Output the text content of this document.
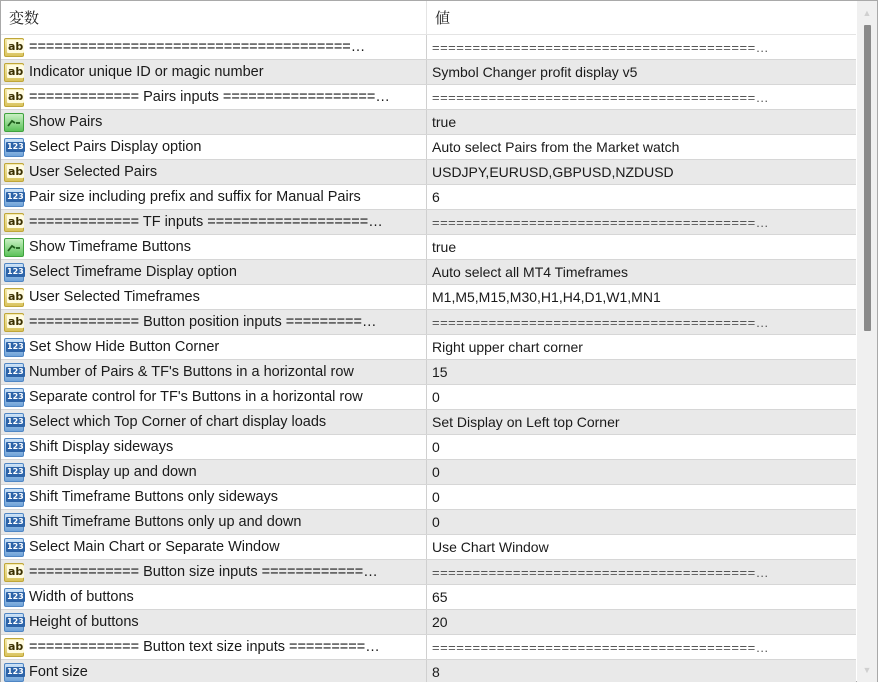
変数	値
ab ======================================…	========================================…
ab Indicator unique ID or magic number	Symbol Changer profit display v5
ab ============= Pairs inputs ==================…	========================================…
Show Pairs	true
123 Select Pairs Display option	Auto select Pairs from the Market watch
ab User Selected Pairs	USDJPY,EURUSD,GBPUSD,NZDUSD
123 Pair size including prefix and suffix for Manual Pairs	6
ab ============= TF inputs ===================…	========================================…
Show Timeframe Buttons	true
123 Select Timeframe Display option	Auto select all MT4 Timeframes
ab User Selected Timeframes	M1,M5,M15,M30,H1,H4,D1,W1,MN1
ab ============= Button position inputs =========…	========================================…
123 Set Show Hide Button Corner	Right upper chart corner
123 Number of Pairs & TF's Buttons in a horizontal row	15
123 Separate control for TF's Buttons in a horizontal row	0
123 Select which Top Corner of chart display loads	Set Display on Left top Corner
123 Shift Display sideways	0
123 Shift Display up and down	0
123 Shift Timeframe Buttons only sideways	0
123 Shift Timeframe Buttons only up and down	0
123 Select Main Chart or Separate Window	Use Chart Window
ab ============= Button size inputs ============…	========================================…
123 Width of buttons	65
123 Height of buttons	20
ab ============= Button text size inputs =========…	========================================…
123 Font size	8
▲
▼
